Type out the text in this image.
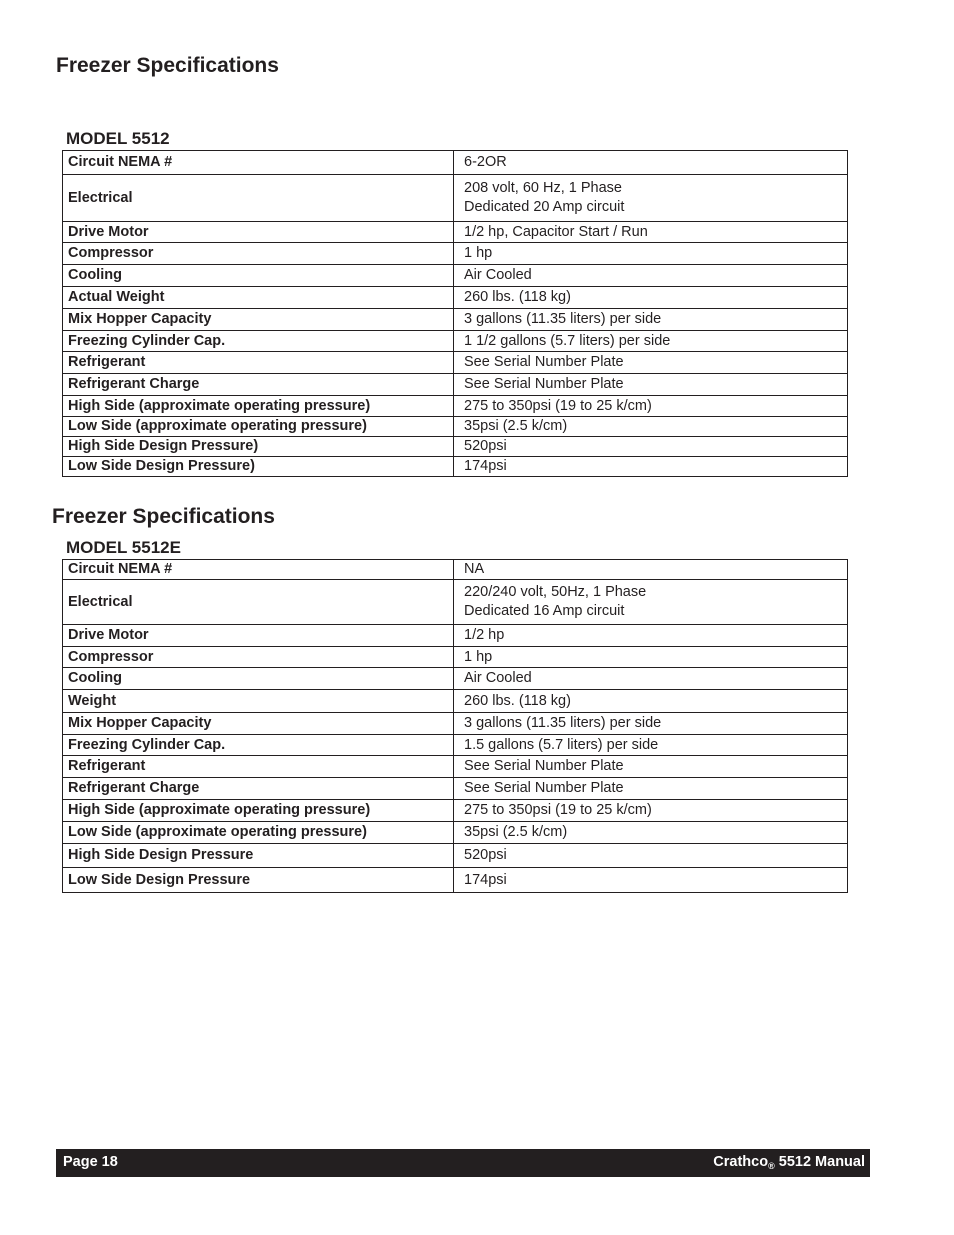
Freezer Specifications
MODEL 5512
Circuit NEMA #	6-2OR
Electrical	208 volt, 60 Hz, 1 Phase
Dedicated 20 Amp circuit

Drive Motor	1/2 hp, Capacitor Start / Run
Compressor	1 hp
Cooling	Air Cooled
Actual Weight	260 lbs. (118 kg)
Mix Hopper Capacity	3 gallons (11.35 liters) per side
Freezing Cylinder Cap.	1 1/2 gallons (5.7 liters) per side
Refrigerant	See Serial Number Plate
Refrigerant Charge	See Serial Number Plate
High Side (approximate operating pressure)	275 to 350psi (19 to 25 k/cm)
Low Side (approximate operating pressure)	35psi (2.5 k/cm)
High Side Design Pressure)	520psi
Low Side Design Pressure)	174psi
Freezer Specifications
MODEL 5512E
Circuit NEMA #	NA
Electrical	220/240 volt, 50Hz, 1 Phase
Dedicated 16 Amp circuit

Drive Motor	1/2 hp
Compressor	1 hp
Cooling	Air Cooled
Weight	260 lbs. (118 kg)
Mix Hopper Capacity	3 gallons (11.35 liters) per side
Freezing Cylinder Cap.	1.5 gallons (5.7 liters) per side
Refrigerant	See Serial Number Plate
Refrigerant Charge	See Serial Number Plate
High Side (approximate operating pressure)	275 to 350psi (19 to 25 k/cm)
Low Side (approximate operating pressure)	35psi (2.5 k/cm)
High Side Design Pressure	520psi
Low Side Design Pressure	174psi
Page 18	Crathco$_®$ 5512 Manual
